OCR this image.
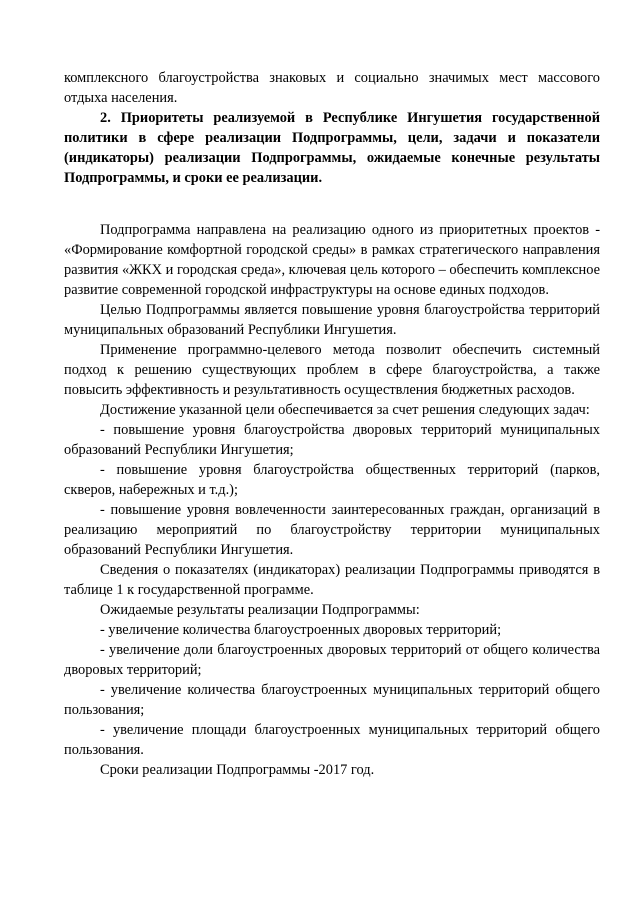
комплексного благоустройства знаковых и социально значимых мест массового отдыха населения.

2. Приоритеты реализуемой в Республике Ингушетия государственной политики в сфере реализации Подпрограммы, цели, задачи и показатели (индикаторы) реализации Подпрограммы, ожидаемые конечные результаты Подпрограммы, и сроки ее реализации.

Подпрограмма направлена на реализацию одного из приоритетных проектов - «Формирование комфортной городской среды» в рамках стратегического направления развития «ЖКХ и городская среда», ключевая цель которого – обеспечить комплексное развитие современной городской инфраструктуры на основе единых подходов.

Целью Подпрограммы является повышение уровня благоустройства территорий муниципальных образований Республики Ингушетия.

Применение программно-целевого метода позволит обеспечить системный подход к решению существующих проблем в сфере благоустройства, а также повысить эффективность и результативность осуществления бюджетных расходов.

Достижение указанной цели обеспечивается за счет решения следующих задач:

- повышение уровня благоустройства дворовых территорий муниципальных образований Республики Ингушетия;

- повышение уровня благоустройства общественных территорий (парков, скверов, набережных и т.д.);

- повышение уровня вовлеченности заинтересованных граждан, организаций в реализацию мероприятий по благоустройству территории муниципальных образований Республики Ингушетия.

Сведения о показателях (индикаторах) реализации Подпрограммы приводятся в таблице 1 к государственной программе.

Ожидаемые результаты реализации Подпрограммы:

- увеличение количества благоустроенных дворовых территорий;

- увеличение доли благоустроенных дворовых территорий от общего количества дворовых территорий;

- увеличение количества благоустроенных муниципальных территорий общего пользования;

- увеличение площади благоустроенных муниципальных территорий общего пользования.

Сроки реализации Подпрограммы -2017 год.
